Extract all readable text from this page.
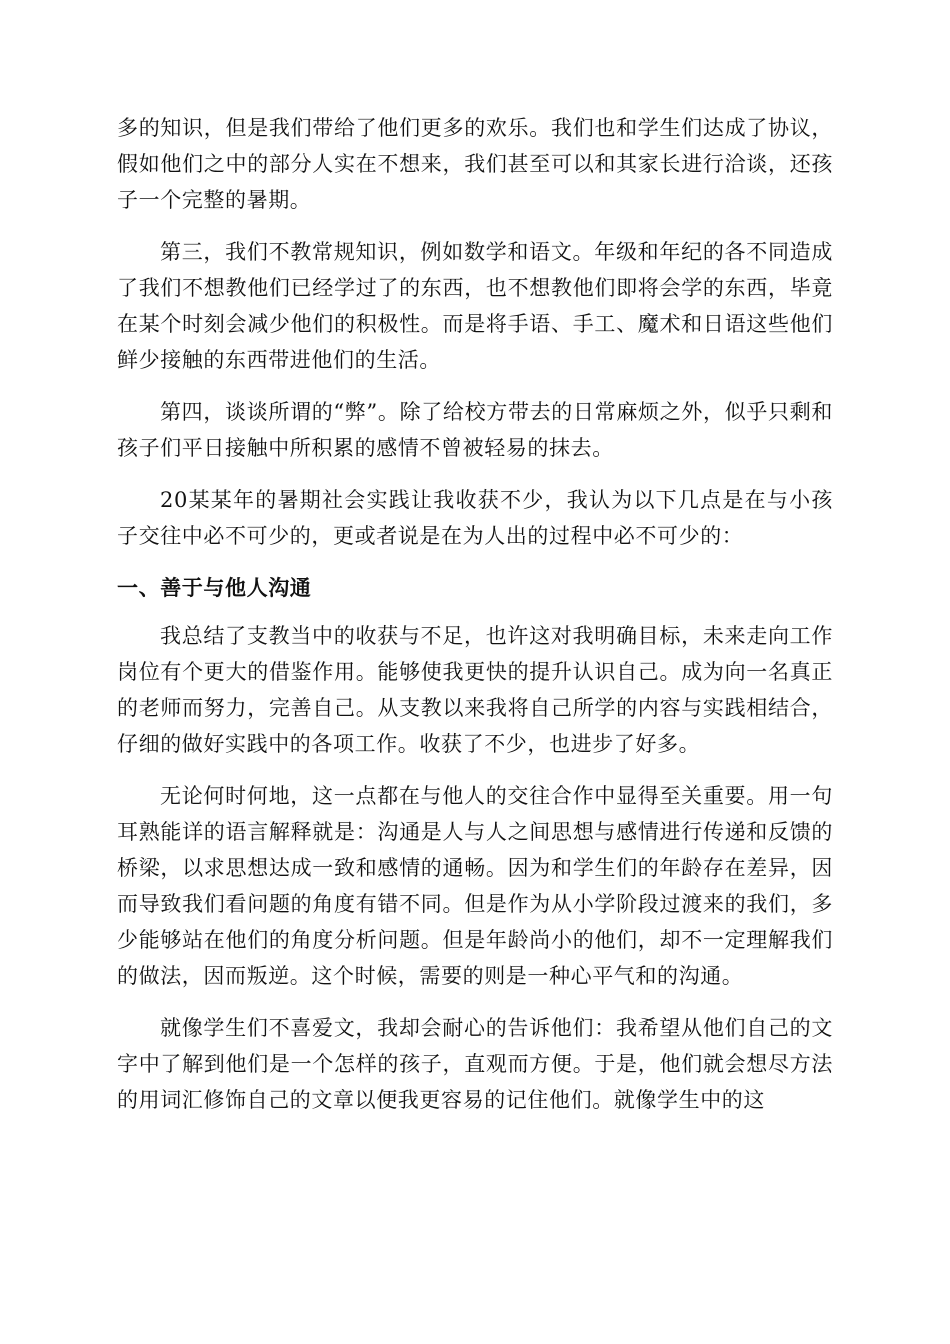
多的知识，但是我们带给了他们更多的欢乐。我们也和学生们达成了协议，假如他们之中的部分人实在不想来，我们甚至可以和其家长进行洽谈，还孩子一个完整的暑期。

第三，我们不教常规知识，例如数学和语文。年级和年纪的各不同造成了我们不想教他们已经学过了的东西，也不想教他们即将会学的东西，毕竟在某个时刻会减少他们的积极性。而是将手语、手工、魔术和日语这些他们鲜少接触的东西带进他们的生活。

第四，谈谈所谓的“弊”。除了给校方带去的日常麻烦之外，似乎只剩和孩子们平日接触中所积累的感情不曾被轻易的抹去。

20某某年的暑期社会实践让我收获不少，我认为以下几点是在与小孩子交往中必不可少的，更或者说是在为人出的过程中必不可少的：

一、善于与他人沟通

我总结了支教当中的收获与不足，也许这对我明确目标，未来走向工作岗位有个更大的借鉴作用。能够使我更快的提升认识自己。成为向一名真正的老师而努力，完善自己。从支教以来我将自己所学的内容与实践相结合，仔细的做好实践中的各项工作。收获了不少，也进步了好多。

无论何时何地，这一点都在与他人的交往合作中显得至关重要。用一句耳熟能详的语言解释就是：沟通是人与人之间思想与感情进行传递和反馈的桥梁，以求思想达成一致和感情的通畅。因为和学生们的年龄存在差异，因而导致我们看问题的角度有错不同。但是作为从小学阶段过渡来的我们，多少能够站在他们的角度分析问题。但是年龄尚小的他们，却不一定理解我们的做法，因而叛逆。这个时候，需要的则是一种心平气和的沟通。

就像学生们不喜爱文，我却会耐心的告诉他们：我希望从他们自己的文字中了解到他们是一个怎样的孩子，直观而方便。于是，他们就会想尽方法的用词汇修饰自己的文章以便我更容易的记住他们。就像学生中的这
